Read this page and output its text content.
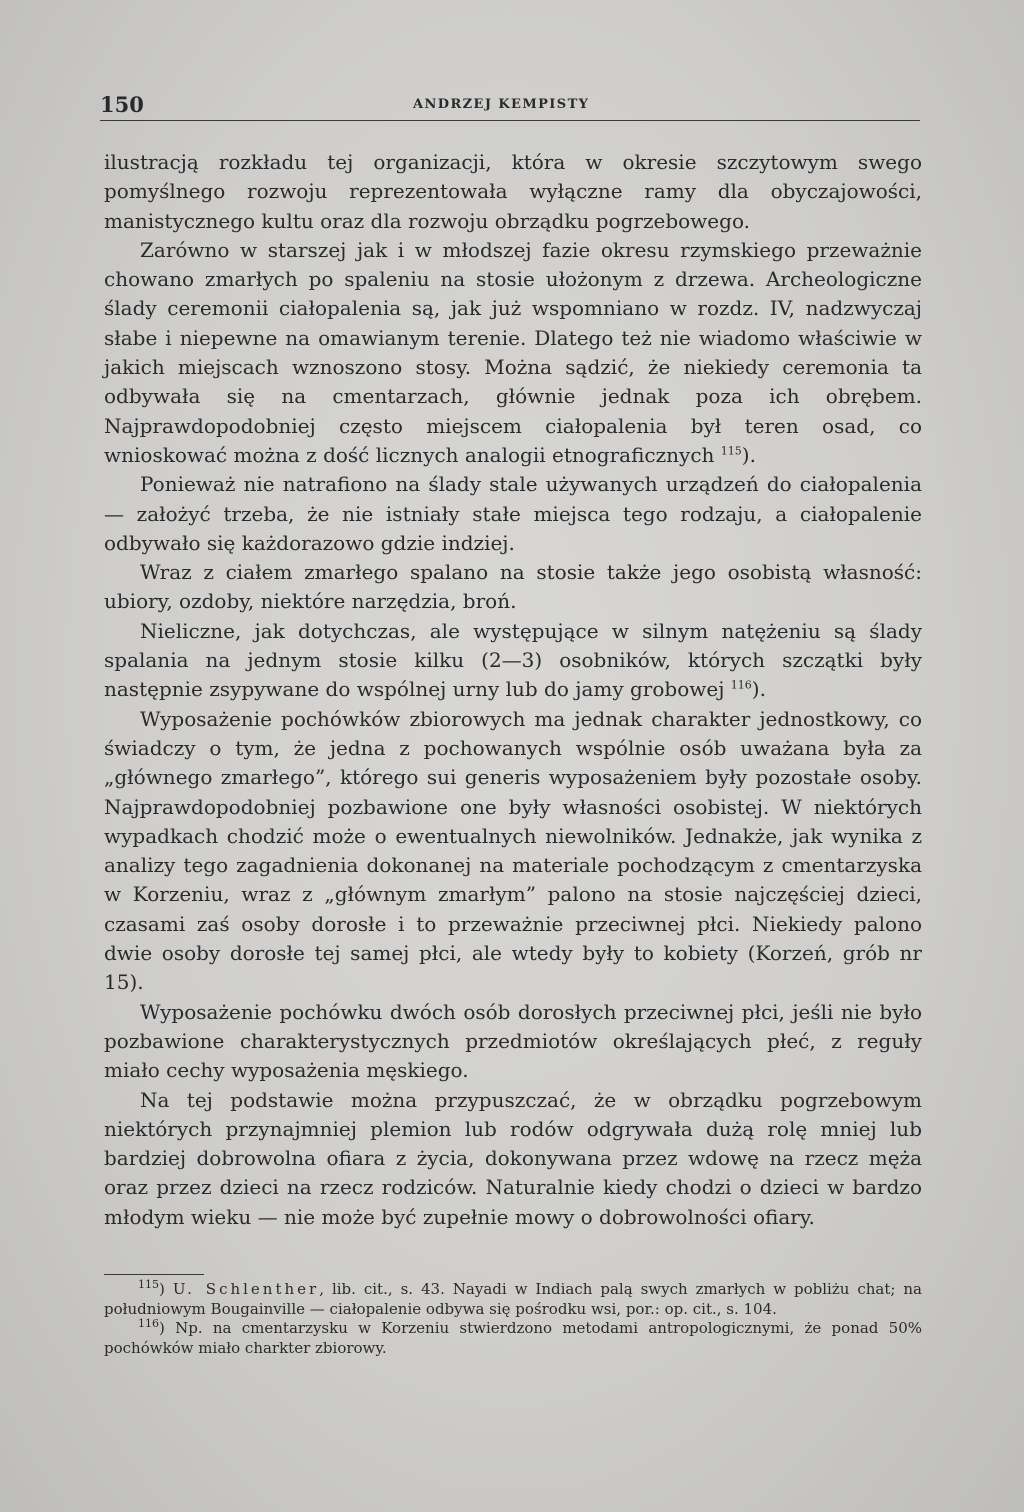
150	ANDRZEJ KEMPISTY

ilustracją rozkładu tej organizacji, która w okresie szczytowym swego pomyślnego rozwoju reprezentowała wyłączne ramy dla obyczajowości, manistycznego kultu oraz dla rozwoju obrządku pogrzebowego.

Zarówno w starszej jak i w młodszej fazie okresu rzymskiego przeważnie chowano zmarłych po spaleniu na stosie ułożonym z drzewa. Archeologiczne ślady ceremonii ciałopalenia są, jak już wspomniano w rozdz. IV, nadzwyczaj słabe i niepewne na omawianym terenie. Dlatego też nie wiadomo właściwie w jakich miejscach wznoszono stosy. Można sądzić, że niekiedy ceremonia ta odbywała się na cmentarzach, głównie jednak poza ich obrębem. Najprawdopodobniej często miejscem ciałopalenia był teren osad, co wnioskować można z dość licznych analogii etnograficznych $^{115}$).

Ponieważ nie natrafiono na ślady stale używanych urządzeń do ciałopalenia — założyć trzeba, że nie istniały stałe miejsca tego rodzaju, a ciałopalenie odbywało się każdorazowo gdzie indziej.

Wraz z ciałem zmarłego spalano na stosie także jego osobistą własność: ubiory, ozdoby, niektóre narzędzia, broń.

Nieliczne, jak dotychczas, ale występujące w silnym natężeniu są ślady spalania na jednym stosie kilku (2—3) osobników, których szczątki były następnie zsypywane do wspólnej urny lub do jamy grobowej $^{116}$).

Wyposażenie pochówków zbiorowych ma jednak charakter jednostkowy, co świadczy o tym, że jedna z pochowanych wspólnie osób uważana była za „głównego zmarłego”, którego sui generis wyposażeniem były pozostałe osoby. Najprawdopodobniej pozbawione one były własności osobistej. W niektórych wypadkach chodzić może o ewentualnych niewolników. Jednakże, jak wynika z analizy tego zagadnienia dokonanej na materiale pochodzącym z cmentarzyska w Korzeniu, wraz z „głównym zmarłym” palono na stosie najczęściej dzieci, czasami zaś osoby dorosłe i to przeważnie przeciwnej płci. Niekiedy palono dwie osoby dorosłe tej samej płci, ale wtedy były to kobiety (Korzeń, grób nr 15).

Wyposażenie pochówku dwóch osób dorosłych przeciwnej płci, jeśli nie było pozbawione charakterystycznych przedmiotów określających płeć, z reguły miało cechy wyposażenia męskiego.

Na tej podstawie można przypuszczać, że w obrządku pogrzebowym niektórych przynajmniej plemion lub rodów odgrywała dużą rolę mniej lub bardziej dobrowolna ofiara z życia, dokonywana przez wdowę na rzecz męża oraz przez dzieci na rzecz rodziców. Naturalnie kiedy chodzi o dzieci w bardzo młodym wieku — nie może być zupełnie mowy o dobrowolności ofiary.

$^{115}$) U. Schlenther, lib. cit., s. 43. Nayadi w Indiach palą swych zmarłych w pobliżu chat; na południowym Bougainville — ciałopalenie odbywa się pośrodku wsi, por.: op. cit., s. 104.

$^{116}$) Np. na cmentarzysku w Korzeniu stwierdzono metodami antropologicznymi, że ponad 50% pochówków miało charkter zbiorowy.
